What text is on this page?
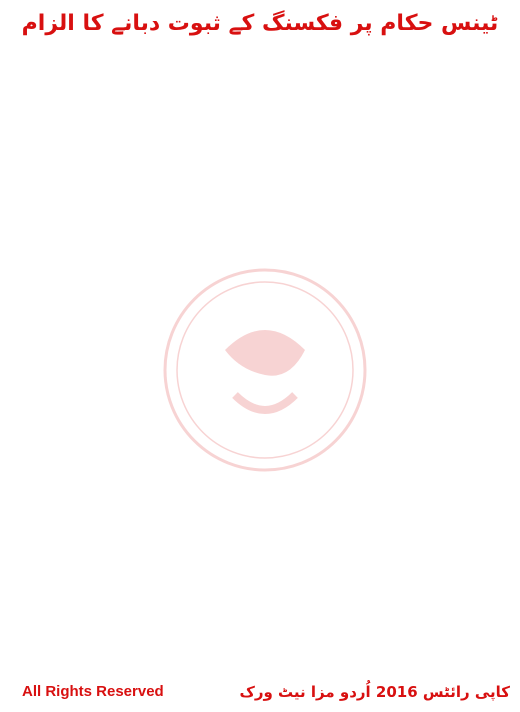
ٹینس حکام پر فکسنگ کے ثبوت دبانے کا الزام
All Rights Reserved	کاپی رائٹس 2016 اُردو مزا نیٹ ورک
